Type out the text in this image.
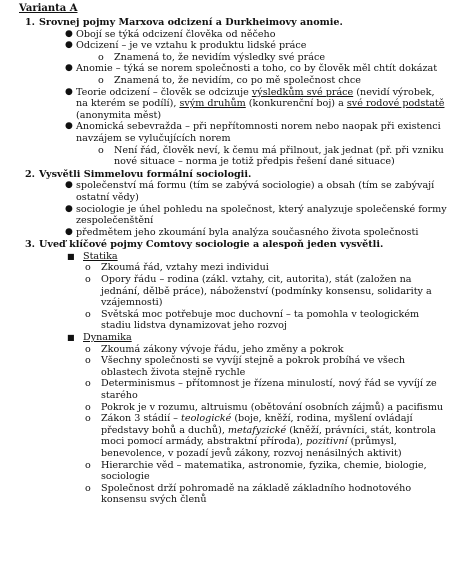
Varianta A
1. Srovnej pojmy Marxova odcizení a Durkheimovy anomie.
● Obojí se týká odcizení člověka od něčeho
● Odcizení – je ve vztahu k produktu lidské práce
o Znamená to, že nevidím výsledky své práce
● Anomie – týká se norem společnosti a toho, co by člověk měl chtít dokázat
o Znamená to, že nevidím, co po mě společnost chce
● Teorie odcizení – člověk se odcizuje výsledkům své práce (nevidí výrobek, na kterém se podílí), svým druhům (konkurenční boj) a své rodové podstatě (anonymita měst)
● Anomická sebevražda – při nepřítomnosti norem nebo naopak při existenci navzájem se vylučujících norem
o Není řád, člověk neví, k čemu má přilnout, jak jednat (př. při vzniku nové situace – norma je totiž předpis řešení dané situace)
2. Vysvětli Simmelovu formální sociologii.
● společenství má formu (tím se zabývá sociologie) a obsah (tím se zabývají ostatní vědy)
● sociologie je úhel pohledu na společnost, který analyzuje společenské formy zespolečenštění
● předmětem jeho zkoumání byla analýza současného života společnosti
3. Uveď klíčové pojmy Comtovy sociologie a alespoň jeden vysvětli.
■ Statika
o Zkoumá řád, vztahy mezi individui
o Opory řádu – rodina (zákl. vztahy, cit, autorita), stát (založen na jednání, dělbě práce), náboženství (podmínky konsensu, solidarity a vzájemnosti)
o Světská moc potřebuje moc duchovní – ta pomohla v teologickém stadiu lidstva dynamizovat jeho rozvoj
■ Dynamika
o Zkoumá zákony vývoje řádu, jeho změny a pokrok
o Všechny společnosti se vyvíjí stejně a pokrok probíhá ve všech oblastech života stejně rychle
o Determinismus – přítomnost je řízena minulostí, nový řád se vyvíjí ze starého
o Pokrok je v rozumu, altruismu (obětování osobních zájmů) a pacifismu
o Zákon 3 stádií – teologické (boje, kněží, rodina, myšlení ovládají představy bohů a duchů), metafyzické (kněží, právníci, stát, kontrola moci pomocí armády, abstraktní příroda), pozitivní (průmysl, benevolence, v pozadí jevů zákony, rozvoj nenásilných aktivit)
o Hierarchie věd – matematika, astronomie, fyzika, chemie, biologie, sociologie
o Společnost drží pohromadě na základě základního hodnotového konsensu svých členů
